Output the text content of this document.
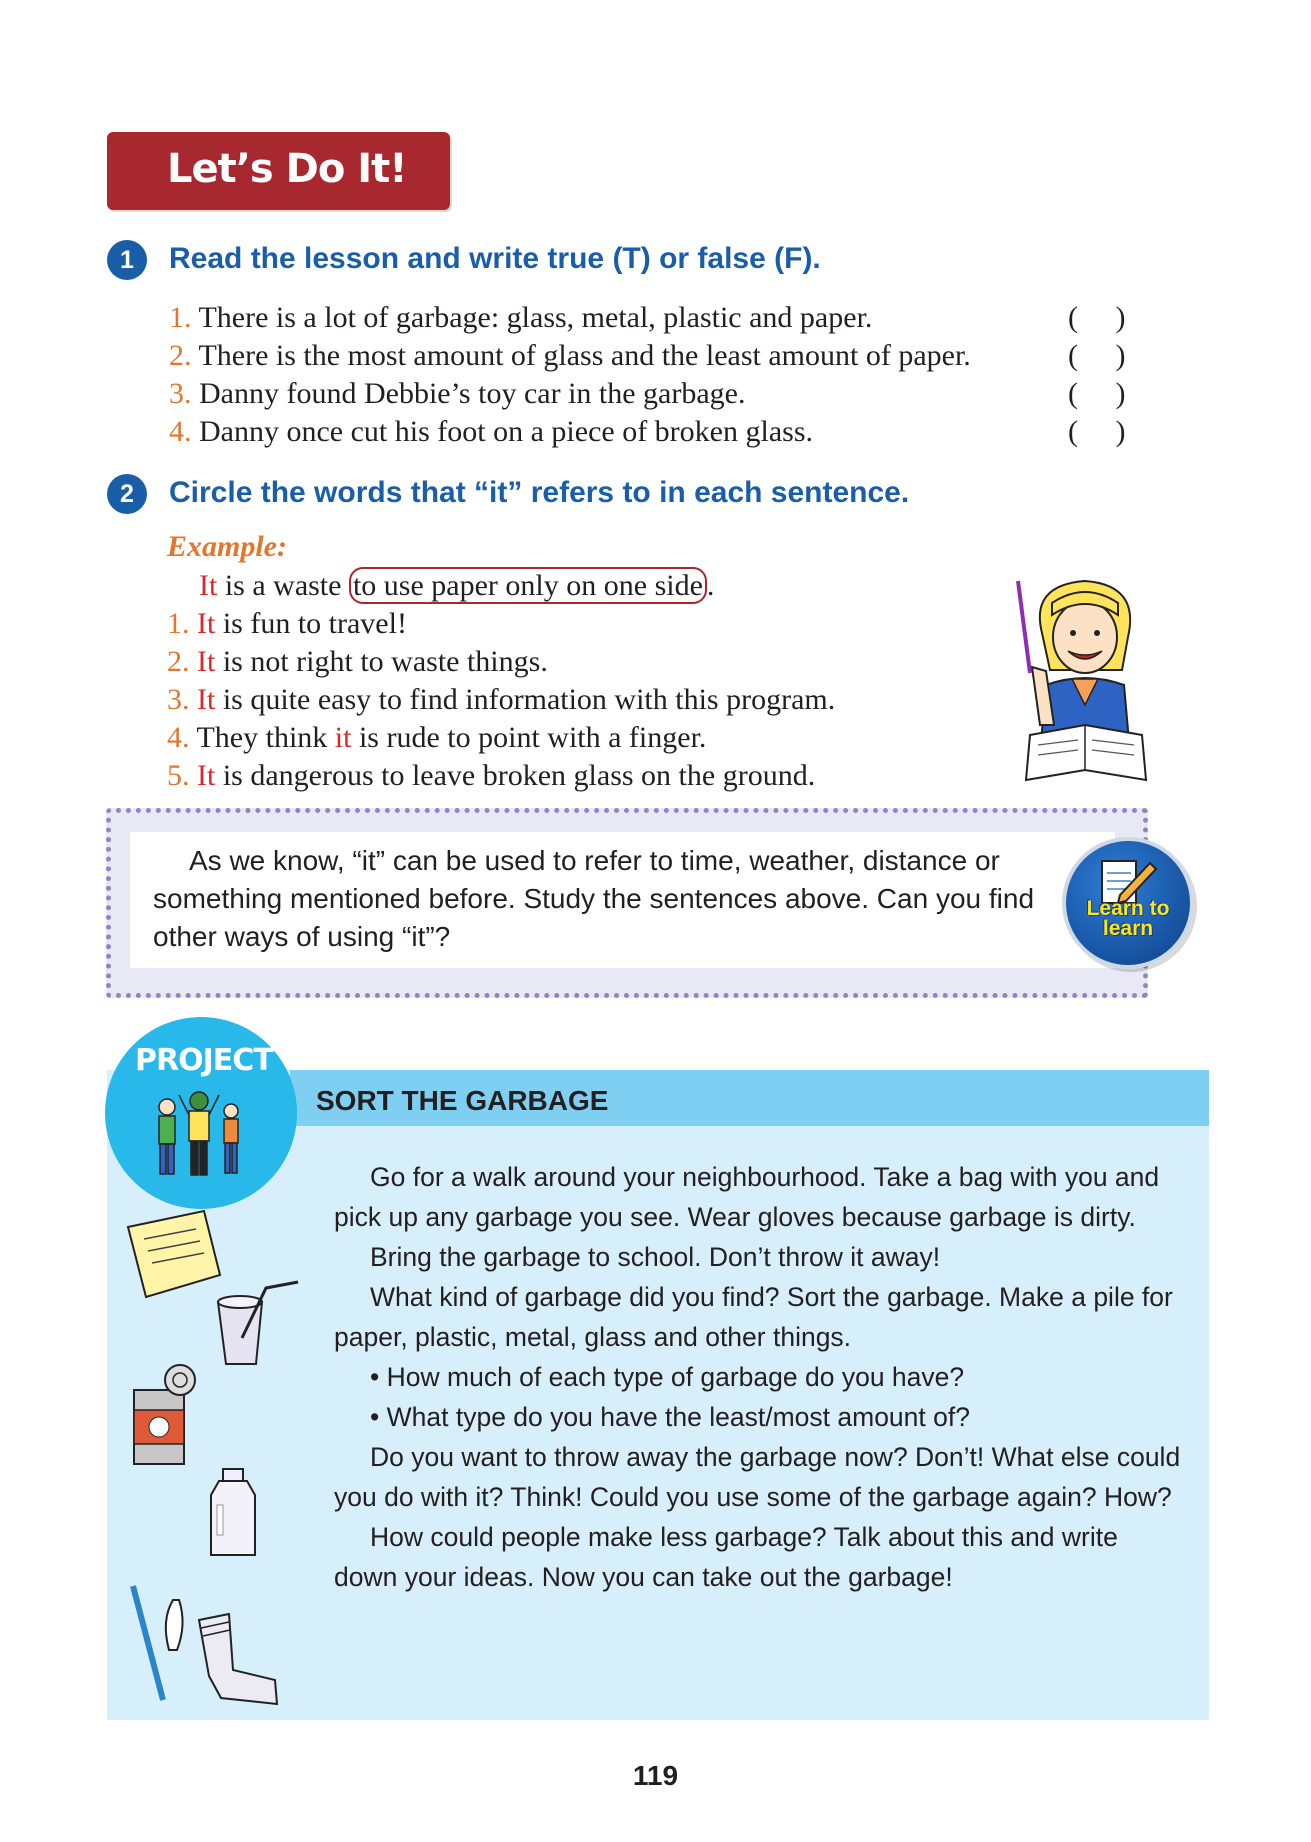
Let’s Do It!
1	Read the lesson and write true (T) or false (F).
1. There is a lot of garbage: glass, metal, plastic and paper.	(     )
2. There is the most amount of glass and the least amount of paper.	(     )
3. Danny found Debbie’s toy car in the garbage.	(     )
4. Danny once cut his foot on a piece of broken glass.	(     )
2	Circle the words that “it” refers to in each sentence.
Example:
It is a waste to use paper only on one side .
1. It is fun to travel!
2. It is not right to waste things.
3. It is quite easy to find information with this program.
4. They think it is rude to point with a finger.
5. It is dangerous to leave broken glass on the ground.
As we know, “it” can be used to refer to time, weather, distance or something mentioned before. Study the sentences above. Can you find other ways of using “it”?
Learn to
learn
SORT THE GARBAGE
PROJECT

Go for a walk around your neighbourhood. Take a bag with you and pick up any garbage you see. Wear gloves because garbage is dirty.

Bring the garbage to school. Don’t throw it away!

What kind of garbage did you find? Sort the garbage. Make a pile for paper, plastic, metal, glass and other things.

• How much of each type of garbage do you have?

• What type do you have the least/most amount of?

Do you want to throw away the garbage now? Don’t! What else could you do with it? Think! Could you use some of the garbage again? How?

How could people make less garbage? Talk about this and write down your ideas. Now you can take out the garbage!

119
